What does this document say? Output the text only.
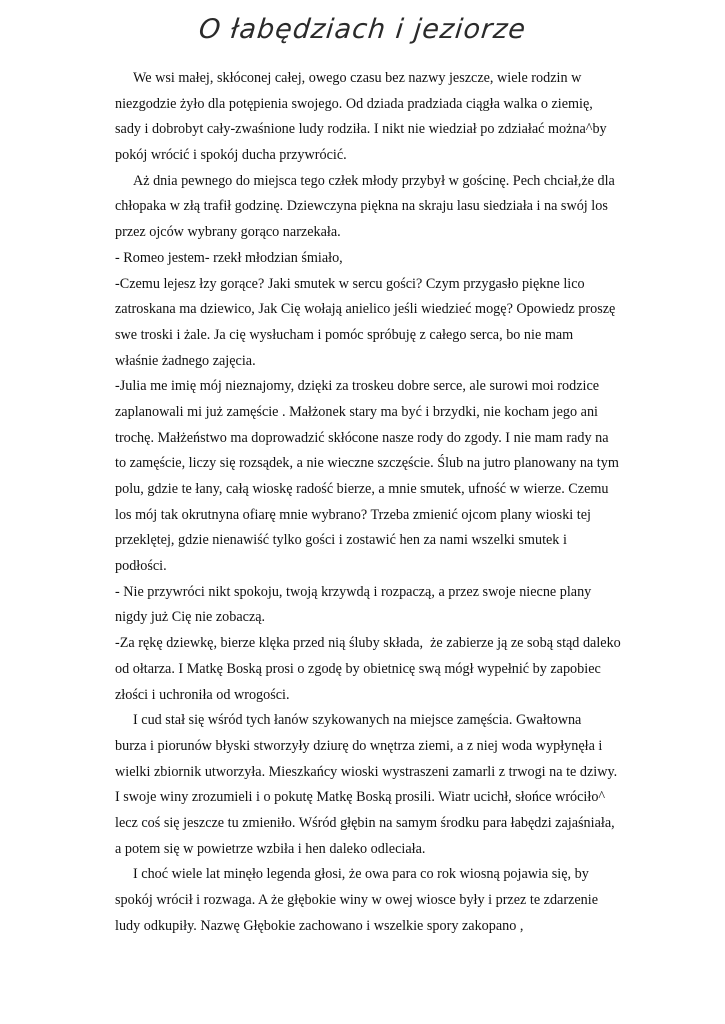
O łabędziach i jeziorze
We wsi małej, skłóconej całej, owego czasu bez nazwy jeszcze, wiele rodzin w
niezgodzie żyło dla potępienia swojego. Od dziada pradziada ciągła walka o ziemię,
sady i dobrobyt cały-zwaśnione ludy rodziła. I nikt nie wiedział po zdziałać można^by
pokój wrócić i spokój ducha przywrócić.
Aż dnia pewnego do miejsca tego człek młody przybył w gościnę. Pech chciał,że dla
chłopaka w złą trafił godzinę. Dziewczyna piękna na skraju lasu siedziała i na swój los
przez ojców wybrany gorąco narzekała.
- Romeo jestem- rzekł młodzian śmiało,
-Czemu lejesz łzy gorące? Jaki smutek w sercu gości? Czym przygasło piękne lico
zatroskana ma dziewico, Jak Cię wołają anielico jeśli wiedzieć mogę? Opowiedz proszę
swe troski i żale. Ja cię wysłucham i pomóc spróbuję z całego serca, bo nie mam
właśnie żadnego zajęcia.
-Julia me imię mój nieznajomy, dzięki za troskeu dobre serce, ale surowi moi rodzice
zaplanowali mi już zamęście . Małżonek stary ma być i brzydki, nie kocham jego ani
trochę. Małżeństwo ma doprowadzić skłócone nasze rody do zgody. I nie mam rady na
to zamęście, liczy się rozsądek, a nie wieczne szczęście. Ślub na jutro planowany na tym
polu, gdzie te łany, całą wioskę radość bierze, a mnie smutek, ufność w wierze. Czemu
los mój tak okrutnyna ofiarę mnie wybrano? Trzeba zmienić ojcom plany wioski tej
przeklętej, gdzie nienawiść tylko gości i zostawić hen za nami wszelki smutek i
podłości.
- Nie przywróci nikt spokoju, twoją krzywdą i rozpaczą, a przez swoje niecne plany
nigdy już Cię nie zobaczą.
-Za rękę dziewkę, bierze klęka przed nią śluby składa,  że zabierze ją ze sobą stąd daleko
od ołtarza. I Matkę Boską prosi o zgodę by obietnicę swą mógł wypełnić by zapobiec
złości i uchroniła od wrogości.
I cud stał się wśród tych łanów szykowanych na miejsce zamęścia. Gwałtowna
burza i piorunów błyski stworzyły dziurę do wnętrza ziemi, a z niej woda wypłynęła i
wielki zbiornik utworzyła. Mieszkańcy wioski wystraszeni zamarli z trwogi na te dziwy.
I swoje winy zrozumieli i o pokutę Matkę Boską prosili. Wiatr ucichł, słońce wróciło^
lecz coś się jeszcze tu zmieniło. Wśród głębin na samym środku para łabędzi zajaśniała,
a potem się w powietrze wzbiła i hen daleko odleciała.
I choć wiele lat minęło legenda głosi, że owa para co rok wiosną pojawia się, by
spokój wrócił i rozwaga. A że głębokie winy w owej wiosce były i przez te zdarzenie
ludy odkupiły. Nazwę Głębokie zachowano i wszelkie spory zakopano ,
